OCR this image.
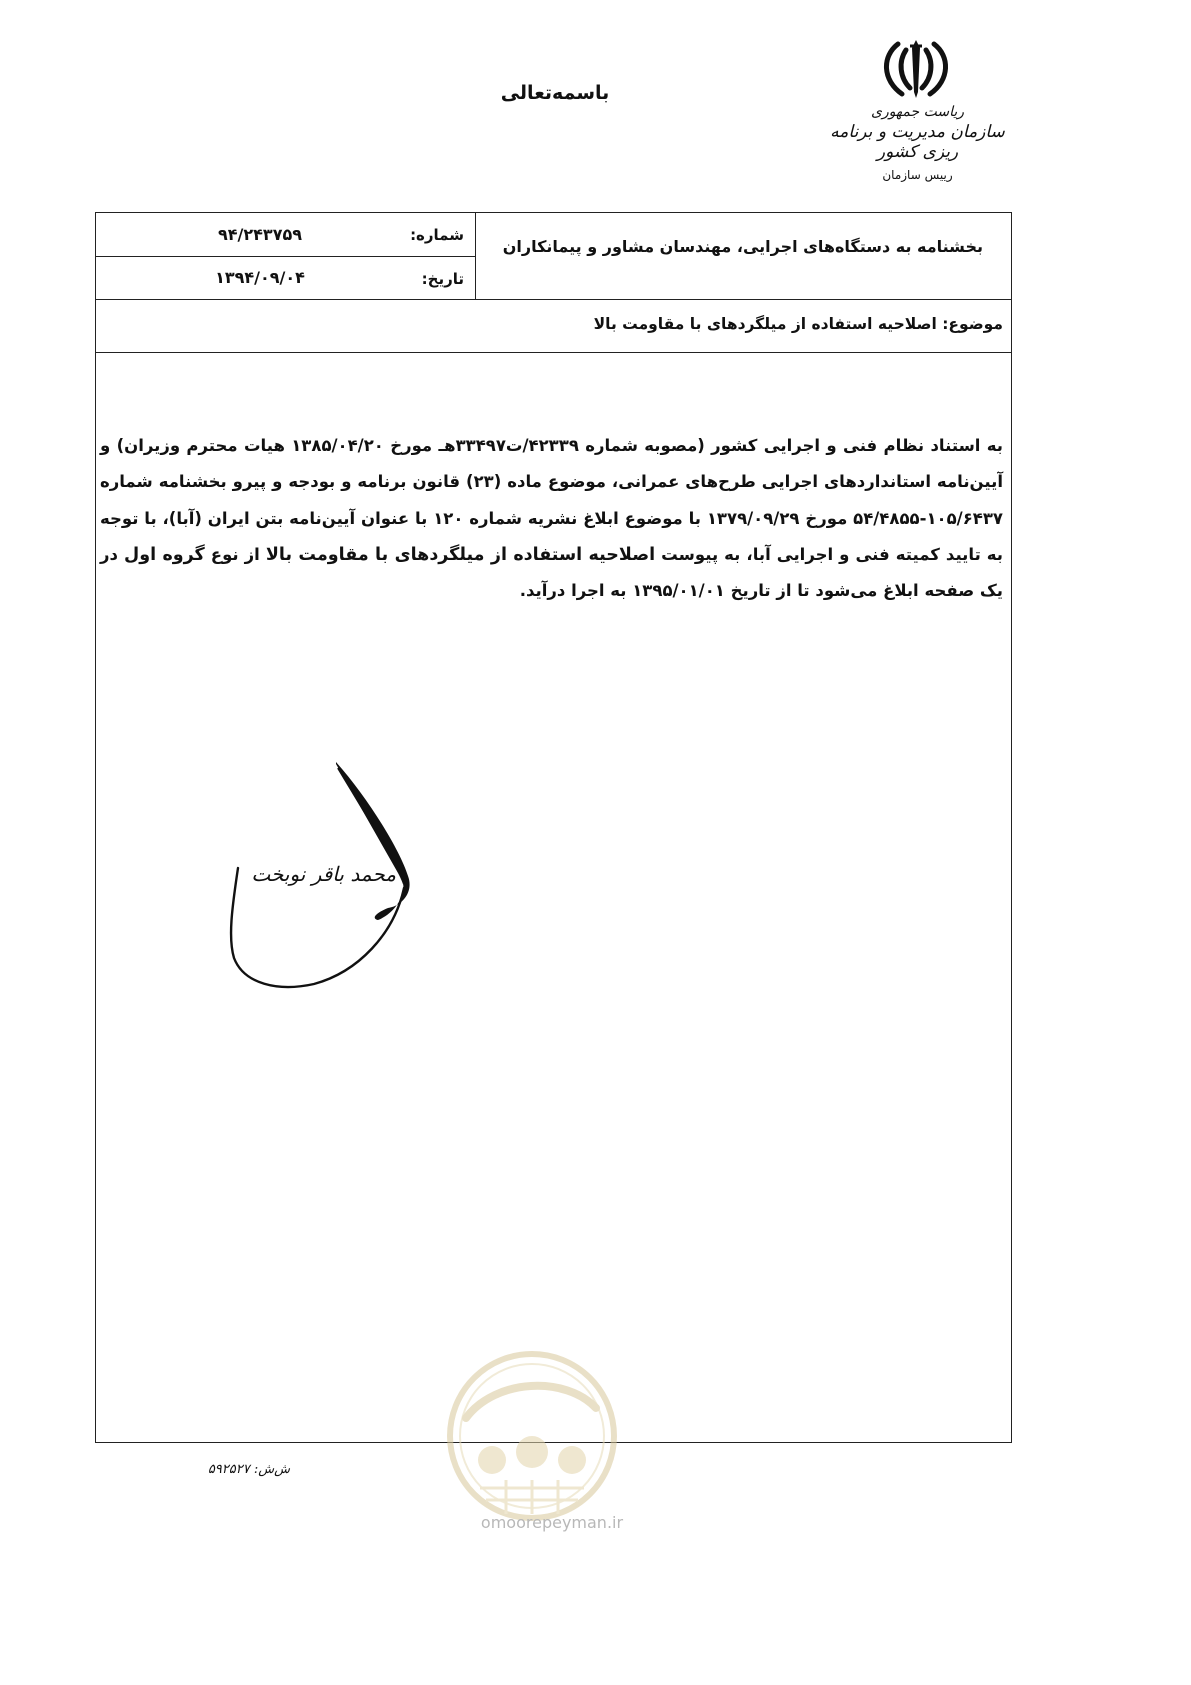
باسمه‌تعالی
ریاست جمهوری
سازمان مدیریت و برنامه ریزی کشور
رییس سازمان
شماره:
۹۴/۲۴۳۷۵۹
تاریخ:
۱۳۹۴/۰۹/۰۴
بخشنامه به دستگاه‌های اجرایی، مهندسان مشاور و پیمانکاران
موضوع: اصلاحیه استفاده از میلگردهای با مقاومت بالا

به استناد نظام فنی و اجرایی کشور (مصوبه شماره ۴۲۳۳۹/ت۳۳۴۹۷هـ مورخ ۱۳۸۵/۰۴/۲۰ هیات محترم وزیران) و آیین‌نامه استانداردهای اجرایی طرح‌های عمرانی، موضوع ماده (۲۳) قانون برنامه و بودجه و پیرو بخشنامه شماره ۱۰۵/۶۴۳۷-۵۴/۴۸۵۵ مورخ ۱۳۷۹/۰۹/۲۹ با موضوع ابلاغ نشریه شماره ۱۲۰ با عنوان آیین‌نامه بتن ایران (آبا)، با توجه به تایید کمیته فنی و اجرایی آبا، به پیوست اصلاحیه استفاده از میلگردهای با مقاومت بالا از نوع گروه اول در یک صفحه ابلاغ می‌شود تا از تاریخ ۱۳۹۵/۰۱/۰۱ به اجرا درآید.

محمد باقر نوبخت
ش‌ش: ۵۹۲۵۲۷
omoorepeyman.ir
